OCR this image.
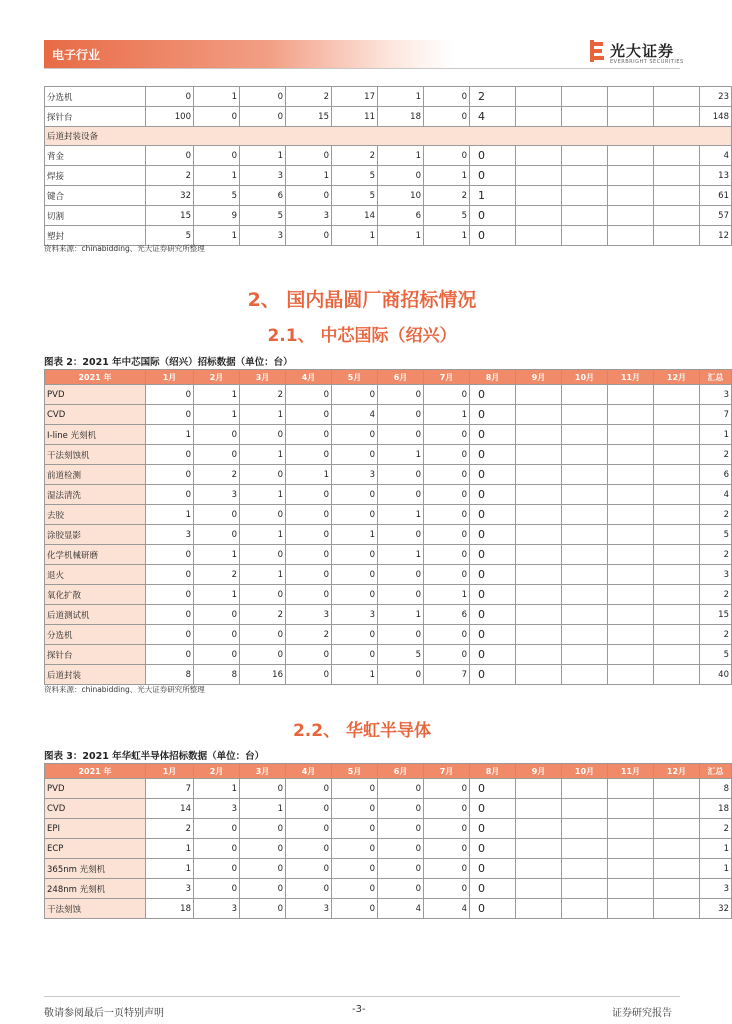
电子行业	光大证券
EVERBRIGHT SECURITIES
分选机	0	1	0	2	17	1	0	2					23
探针台	100	0	0	15	11	18	0	4					148
后道封装设备													
背金	0	0	1	0	2	1	0	0					4
焊接	2	1	3	1	5	0	1	0					13
键合	32	5	6	0	5	10	2	1					61
切割	15	9	5	3	14	6	5	0					57
塑封	5	1	3	0	1	1	1	0					12
资料来源：chinabidding、光大证券研究所整理
2、 国内晶圆厂商招标情况
2.1、 中芯国际（绍兴）
图表 2：2021 年中芯国际（绍兴）招标数据（单位：台）
2021 年	1月	2月	3月	4月	5月	6月	7月	8月	9月	10月	11月	12月	汇总
PVD	0	1	2	0	0	0	0	0					3
CVD	0	1	1	0	4	0	1	0					7
I-line 光刻机	1	0	0	0	0	0	0	0					1
干法刻蚀机	0	0	1	0	0	1	0	0					2
前道检测	0	2	0	1	3	0	0	0					6
湿法清洗	0	3	1	0	0	0	0	0					4
去胶	1	0	0	0	0	1	0	0					2
涂胶显影	3	0	1	0	1	0	0	0					5
化学机械研磨	0	1	0	0	0	1	0	0					2
退火	0	2	1	0	0	0	0	0					3
氧化扩散	0	1	0	0	0	0	1	0					2
后道测试机	0	0	2	3	3	1	6	0					15
分选机	0	0	0	2	0	0	0	0					2
探针台	0	0	0	0	0	5	0	0					5
后道封装	8	8	16	0	1	0	7	0					40
资料来源：chinabidding、光大证券研究所整理
2.2、 华虹半导体
图表 3：2021 年华虹半导体招标数据（单位：台）
2021 年	1月	2月	3月	4月	5月	6月	7月	8月	9月	10月	11月	12月	汇总
PVD	7	1	0	0	0	0	0	0					8
CVD	14	3	1	0	0	0	0	0					18
EPI	2	0	0	0	0	0	0	0					2
ECP	1	0	0	0	0	0	0	0					1
365nm 光刻机	1	0	0	0	0	0	0	0					1
248nm 光刻机	3	0	0	0	0	0	0	0					3
干法刻蚀	18	3	0	3	0	4	4	0					32
敬请参阅最后一页特别声明	-3-	证券研究报告
